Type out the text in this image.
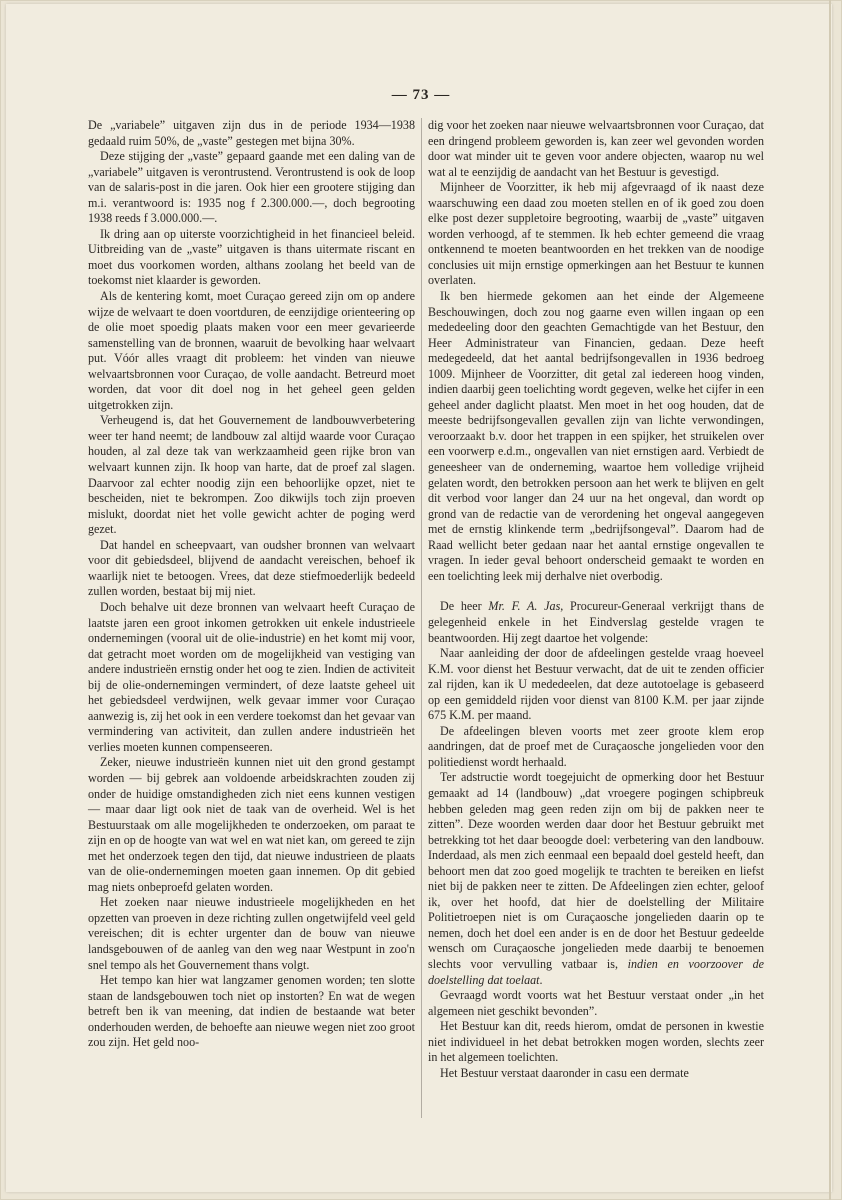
— 73 —

De „variabele” uitgaven zijn dus in de periode 1934—1938 gedaald ruim 50%, de „vaste” gestegen met bijna 30%.

Deze stijging der „vaste” gepaard gaande met een daling van de „variabele” uitgaven is verontrustend. Verontrustend is ook de loop van de salaris-post in die jaren. Ook hier een grootere stijging dan m.i. verantwoord is: 1935 nog f 2.300.000.—, doch begrooting 1938 reeds f 3.000.000.—.

Ik dring aan op uiterste voorzichtigheid in het financieel beleid. Uitbreiding van de „vaste” uitgaven is thans uitermate riscant en moet dus voorkomen worden, althans zoolang het beeld van de toekomst niet klaarder is geworden.

Als de kentering komt, moet Curaçao gereed zijn om op andere wijze de welvaart te doen voortduren, de eenzijdige orienteering op de olie moet spoedig plaats maken voor een meer gevarieerde samenstelling van de bronnen, waaruit de bevolking haar welvaart put. Vóór alles vraagt dit probleem: het vinden van nieuwe welvaartsbronnen voor Curaçao, de volle aandacht. Betreurd moet worden, dat voor dit doel nog in het geheel geen gelden uitgetrokken zijn.

Verheugend is, dat het Gouvernement de landbouwverbetering weer ter hand neemt; de landbouw zal altijd waarde voor Curaçao houden, al zal deze tak van werkzaamheid geen rijke bron van welvaart kunnen zijn. Ik hoop van harte, dat de proef zal slagen. Daarvoor zal echter noodig zijn een behoorlijke opzet, niet te bescheiden, niet te bekrompen. Zoo dikwijls toch zijn proeven mislukt, doordat niet het volle gewicht achter de poging werd gezet.

Dat handel en scheepvaart, van oudsher bronnen van welvaart voor dit gebiedsdeel, blijvend de aandacht vereischen, behoef ik waarlijk niet te betoogen. Vrees, dat deze stiefmoederlijk bedeeld zullen worden, bestaat bij mij niet.

Doch behalve uit deze bronnen van welvaart heeft Curaçao de laatste jaren een groot inkomen getrokken uit enkele industrieele ondernemingen (vooral uit de olie-industrie) en het komt mij voor, dat getracht moet worden om de mogelijkheid van vestiging van andere industrieën ernstig onder het oog te zien. Indien de activiteit bij de olie-ondernemingen vermindert, of deze laatste geheel uit het gebiedsdeel verdwijnen, welk gevaar immer voor Curaçao aanwezig is, zij het ook in een verdere toekomst dan het gevaar van vermindering van activiteit, dan zullen andere industrieën het verlies moeten kunnen compenseeren.

Zeker, nieuwe industrieën kunnen niet uit den grond gestampt worden — bij gebrek aan voldoende arbeidskrachten zouden zij onder de huidige omstandigheden zich niet eens kunnen vestigen — maar daar ligt ook niet de taak van de overheid. Wel is het Bestuurstaak om alle mogelijkheden te onderzoeken, om paraat te zijn en op de hoogte van wat wel en wat niet kan, om gereed te zijn met het onderzoek tegen den tijd, dat nieuwe industrieen de plaats van de olie-ondernemingen moeten gaan innemen. Op dit gebied mag niets onbeproefd gelaten worden.

Het zoeken naar nieuwe industrieele mogelijkheden en het opzetten van proeven in deze richting zullen ongetwijfeld veel geld vereischen; dit is echter urgenter dan de bouw van nieuwe landsgebouwen of de aanleg van den weg naar Westpunt in zoo'n snel tempo als het Gouvernement thans volgt.

Het tempo kan hier wat langzamer genomen worden; ten slotte staan de landsgebouwen toch niet op instorten? En wat de wegen betreft ben ik van meening, dat indien de bestaande wat beter onderhouden werden, de behoefte aan nieuwe wegen niet zoo groot zou zijn. Het geld noo-

dig voor het zoeken naar nieuwe welvaartsbronnen voor Curaçao, dat een dringend probleem geworden is, kan zeer wel gevonden worden door wat minder uit te geven voor andere objecten, waarop nu wel wat al te eenzijdig de aandacht van het Bestuur is gevestigd.

Mijnheer de Voorzitter, ik heb mij afgevraagd of ik naast deze waarschuwing een daad zou moeten stellen en of ik goed zou doen elke post dezer suppletoire begrooting, waarbij de „vaste” uitgaven worden verhoogd, af te stemmen. Ik heb echter gemeend die vraag ontkennend te moeten beantwoorden en het trekken van de noodige conclusies uit mijn ernstige opmerkingen aan het Bestuur te kunnen overlaten.

Ik ben hiermede gekomen aan het einde der Algemeene Beschouwingen, doch zou nog gaarne even willen ingaan op een mededeeling door den geachten Gemachtigde van het Bestuur, den Heer Administrateur van Financien, gedaan. Deze heeft medegedeeld, dat het aantal bedrijfsongevallen in 1936 bedroeg 1009. Mijnheer de Voorzitter, dit getal zal iedereen hoog vinden, indien daarbij geen toelichting wordt gegeven, welke het cijfer in een geheel ander daglicht plaatst. Men moet in het oog houden, dat de meeste bedrijfsongevallen gevallen zijn van lichte verwondingen, veroorzaakt b.v. door het trappen in een spijker, het struikelen over een voorwerp e.d.m., ongevallen van niet ernstigen aard. Verbiedt de geneesheer van de onderneming, waartoe hem volledige vrijheid gelaten wordt, den betrokken persoon aan het werk te blijven en gelt dit verbod voor langer dan 24 uur na het ongeval, dan wordt op grond van de redactie van de verordening het ongeval aangegeven met de ernstig klinkende term „bedrijfsongeval”. Daarom had de Raad wellicht beter gedaan naar het aantal ernstige ongevallen te vragen. In ieder geval behoort onderscheid gemaakt te worden en een toelichting leek mij derhalve niet overbodig.

De heer Mr. F. A. Jas, Procureur-Generaal verkrijgt thans de gelegenheid enkele in het Eindverslag gestelde vragen te beantwoorden. Hij zegt daartoe het volgende:

Naar aanleiding der door de afdeelingen gestelde vraag hoeveel K.M. voor dienst het Bestuur verwacht, dat de uit te zenden officier zal rijden, kan ik U mededeelen, dat deze autotoelage is gebaseerd op een gemiddeld rijden voor dienst van 8100 K.M. per jaar zijnde 675 K.M. per maand.

De afdeelingen bleven voorts met zeer groote klem erop aandringen, dat de proef met de Curaçaosche jongelieden voor den politiedienst wordt herhaald.

Ter adstructie wordt toegejuicht de opmerking door het Bestuur gemaakt ad 14 (landbouw) „dat vroegere pogingen schipbreuk hebben geleden mag geen reden zijn om bij de pakken neer te zitten”. Deze woorden werden daar door het Bestuur gebruikt met betrekking tot het daar beoogde doel: verbetering van den landbouw. Inderdaad, als men zich eenmaal een bepaald doel gesteld heeft, dan behoort men dat zoo goed mogelijk te trachten te bereiken en liefst niet bij de pakken neer te zitten. De Afdeelingen zien echter, geloof ik, over het hoofd, dat hier de doelstelling der Militaire Politietroepen niet is om Curaçaosche jongelieden daarin op te nemen, doch het doel een ander is en de door het Bestuur gedeelde wensch om Curaçaosche jongelieden mede daarbij te benoemen slechts voor vervulling vatbaar is, indien en voorzoover de doelstelling dat toelaat.

Gevraagd wordt voorts wat het Bestuur verstaat onder „in het algemeen niet geschikt bevonden”.

Het Bestuur kan dit, reeds hierom, omdat de personen in kwestie niet individueel in het debat betrokken mogen worden, slechts zeer in het algemeen toelichten.

Het Bestuur verstaat daaronder in casu een dermate
